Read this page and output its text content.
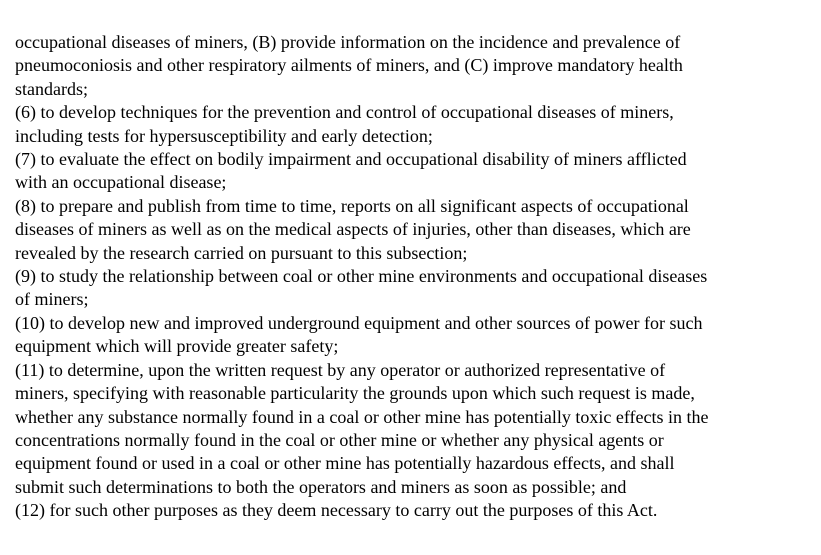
occupational diseases of miners, (B) provide information on the incidence and prevalence of
pneumoconiosis and other respiratory ailments of miners, and (C) improve mandatory health
standards;
(6) to develop techniques for the prevention and control of occupational diseases of miners,
including tests for hypersusceptibility and early detection;
(7) to evaluate the effect on bodily impairment and occupational disability of miners afflicted
with an occupational disease;
(8) to prepare and publish from time to time, reports on all significant aspects of occupational
diseases of miners as well as on the medical aspects of injuries, other than diseases, which are
revealed by the research carried on pursuant to this subsection;
(9) to study the relationship between coal or other mine environments and occupational diseases
of miners;
(10) to develop new and improved underground equipment and other sources of power for such
equipment which will provide greater safety;
(11) to determine, upon the written request by any operator or authorized representative of
miners, specifying with reasonable particularity the grounds upon which such request is made,
whether any substance normally found in a coal or other mine has potentially toxic effects in the
concentrations normally found in the coal or other mine or whether any physical agents or
equipment found or used in a coal or other mine has potentially hazardous effects, and shall
submit such determinations to both the operators and miners as soon as possible; and
(12) for such other purposes as they deem necessary to carry out the purposes of this Act.
